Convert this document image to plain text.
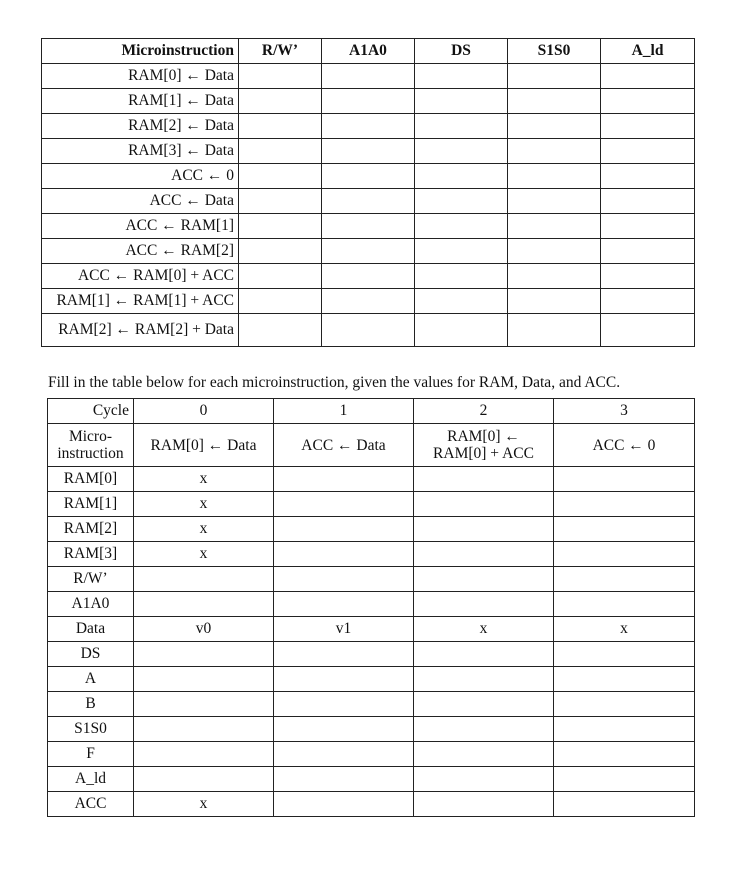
Microinstruction	R/W’	A1A0	DS	S1S0	A_ld
RAM[0] ← Data					
RAM[1] ← Data					
RAM[2] ← Data					
RAM[3] ← Data					
ACC ← 0					
ACC ← Data					
ACC ← RAM[1]					
ACC ← RAM[2]					
ACC ← RAM[0] + ACC					
RAM[1] ← RAM[1] + ACC					
RAM[2] ← RAM[2] + Data					
Fill in the table below for each microinstruction, given the values for RAM, Data, and ACC.
Cycle	0	1	2	3
Micro-
instruction	RAM[0] ← Data	ACC ← Data	RAM[0] ← RAM[0] + ACC	ACC ← 0
RAM[0]	x			
RAM[1]	x			
RAM[2]	x			
RAM[3]	x			
R/W’				
A1A0				
Data	v0	v1	x	x
DS				
A				
B				
S1S0				
F				
A_ld				
ACC	x			
